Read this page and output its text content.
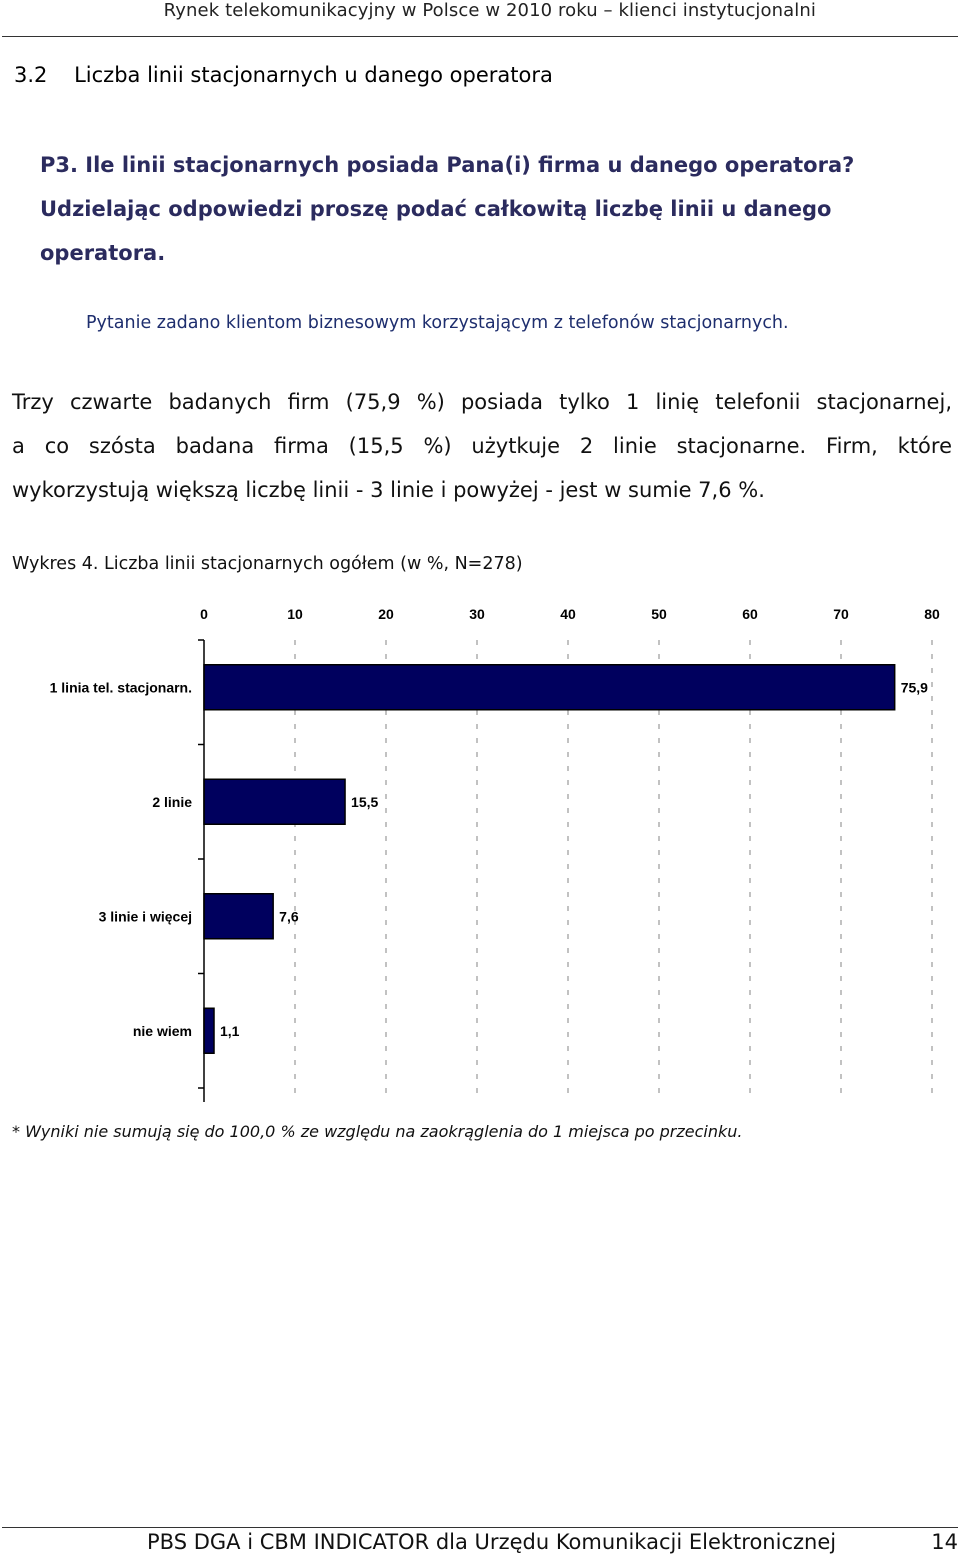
Rynek telekomunikacyjny w Polsce w 2010 roku – klienci instytucjonalni
3.2    Liczba linii stacjonarnych u danego operatora
P3. Ile linii stacjonarnych posiada Pana(i) firma u danego operatora? Udzielając odpowiedzi proszę podać całkowitą liczbę linii u danego operatora.
Pytanie zadano klientom biznesowym korzystającym z telefonów stacjonarnych.
Trzy czwarte badanych firm (75,9 %) posiada tylko 1 linię telefonii stacjonarnej,
a co szósta badana firma (15,5 %) użytkuje 2 linie stacjonarne. Firm, które
wykorzystują większą liczbę linii - 3 linie i powyżej - jest w sumie 7,6 %.
Wykres 4. Liczba linii stacjonarnych ogółem (w %, N=278)
0	10	20	30	40	50	60	70	80
1 linia tel. stacjonarn.
2 linie
3 linie i więcej
nie wiem
75,9
15,5
7,6
1,1
* Wyniki nie sumują się do 100,0 % ze względu na zaokrąglenia do 1 miejsca po przecinku.
PBS DGA i CBM INDICATOR dla Urzędu Komunikacji Elektronicznej	14
